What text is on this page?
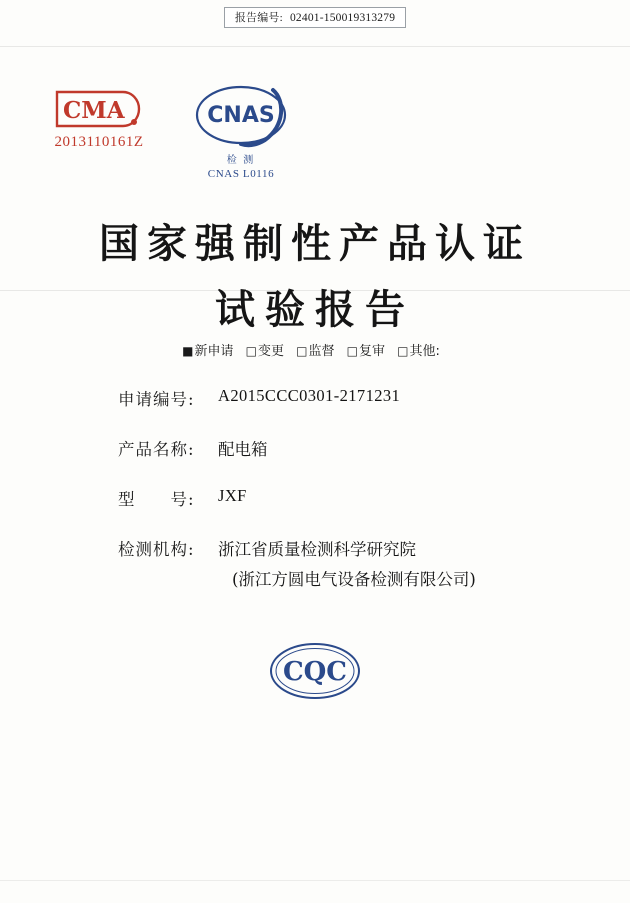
报告编号: 02401-150019313279
CMA
2013110161Z
CNAS
检 测
CNAS L0116
国家强制性产品认证
试验报告
■ 新申请 □ 变更 □ 监督 □ 复审 □ 其他:
申请编号:	A2015CCC0301-2171231
产品名称:	配电箱
型　　号:	JXF
检测机构:	浙江省质量检测科学研究院
(浙江方圆电气设备检测有限公司)
CQC
